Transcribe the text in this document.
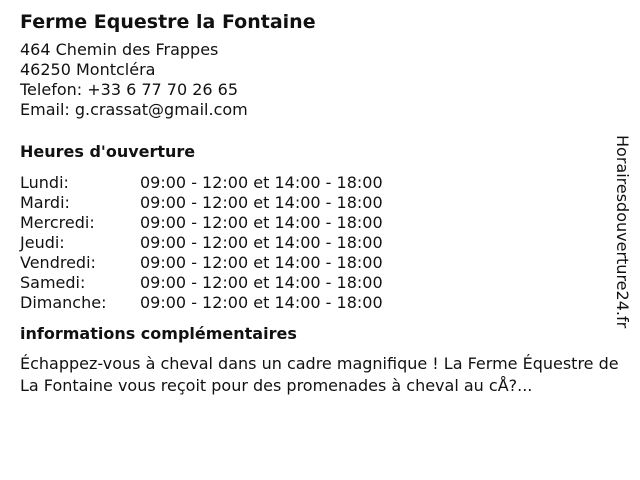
Ferme Equestre la Fontaine
464 Chemin des Frappes
46250 Montcléra
Telefon: +33 6 77 70 26 65
Email: g.crassat@gmail.com
Heures d'ouverture
Lundi:	09:00 - 12:00 et 14:00 - 18:00
Mardi:	09:00 - 12:00 et 14:00 - 18:00
Mercredi:	09:00 - 12:00 et 14:00 - 18:00
Jeudi:	09:00 - 12:00 et 14:00 - 18:00
Vendredi:	09:00 - 12:00 et 14:00 - 18:00
Samedi:	09:00 - 12:00 et 14:00 - 18:00
Dimanche:	09:00 - 12:00 et 14:00 - 18:00
informations complémentaires
Échappez-vous à cheval dans un cadre magnifique ! La Ferme Équestre de La Fontaine vous reçoit pour des promenades à cheval au cÅ?...
Horairesdouverture24.fr
